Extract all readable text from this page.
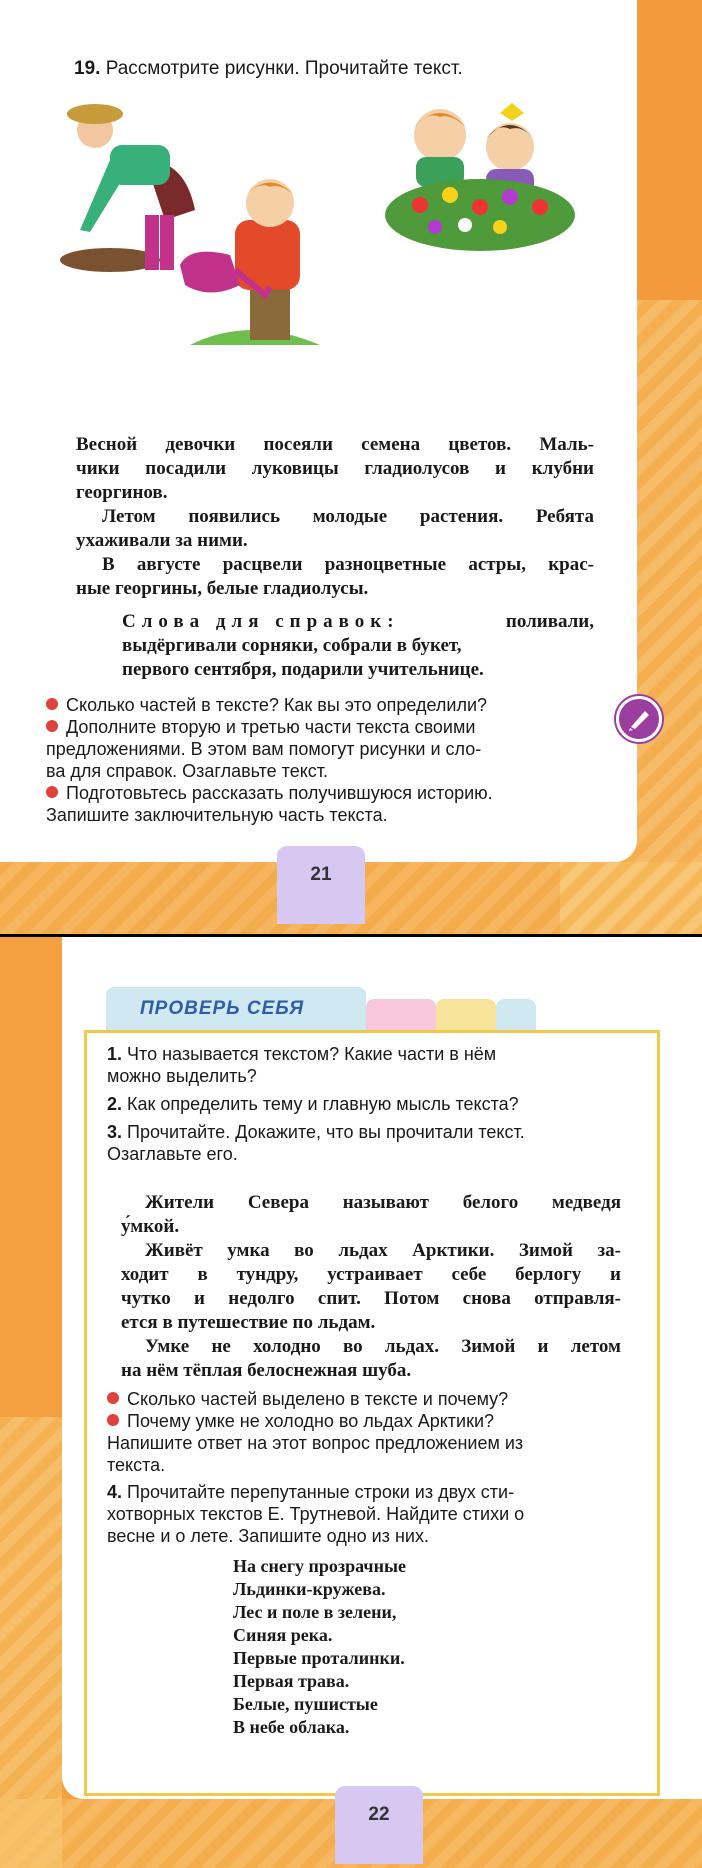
19. Рассмотрите рисунки. Прочитайте текст.
Весной девочки посеяли семена цветов. Маль-
чики посадили луковицы гладиолусов и клубни
георгинов.
Летом появились молодые растения. Ребята
ухаживали за ними.
В августе расцвели разноцветные астры, крас-
ные георгины, белые гладиолусы.
Слова для справок:	поливали,
выдёргивали сорняки, собрали в букет,
первого сентября, подарили учительнице.
Сколько частей в тексте? Как вы это определили?
Дополните вторую и третью части текста своими
предложениями. В этом вам помогут рисунки и сло-
ва для справок. Озаглавьте текст.
Подготовьтесь рассказать получившуюся историю.
Запишите заключительную часть текста.
21
ПРОВЕРЬ СЕБЯ
1. Что называется текстом? Какие части в нём
можно выделить?
2. Как определить тему и главную мысль текста?
3. Прочитайте. Докажите, что вы прочитали текст.
Озаглавьте его.
Жители Севера называют белого медведя
у́мкой.
Живёт умка во льдах Арктики. Зимой за-
ходит в тундру, устраивает себе берлогу и
чутко и недолго спит. Потом снова отправля-
ется в путешествие по льдам.
Умке не холодно во льдах. Зимой и летом
на нём тёплая белоснежная шуба.
Сколько частей выделено в тексте и почему?
Почему умке не холодно во льдах Арктики?
Напишите ответ на этот вопрос предложением из
текста.
4. Прочитайте перепутанные строки из двух сти-
хотворных текстов Е. Трутневой. Найдите стихи о
весне и о лете. Запишите одно из них.
На снегу прозрачные
Льдинки-кружева.
Лес и поле в зелени,
Синяя река.
Первые проталинки.
Первая трава.
Белые, пушистые
В небе облака.
22
